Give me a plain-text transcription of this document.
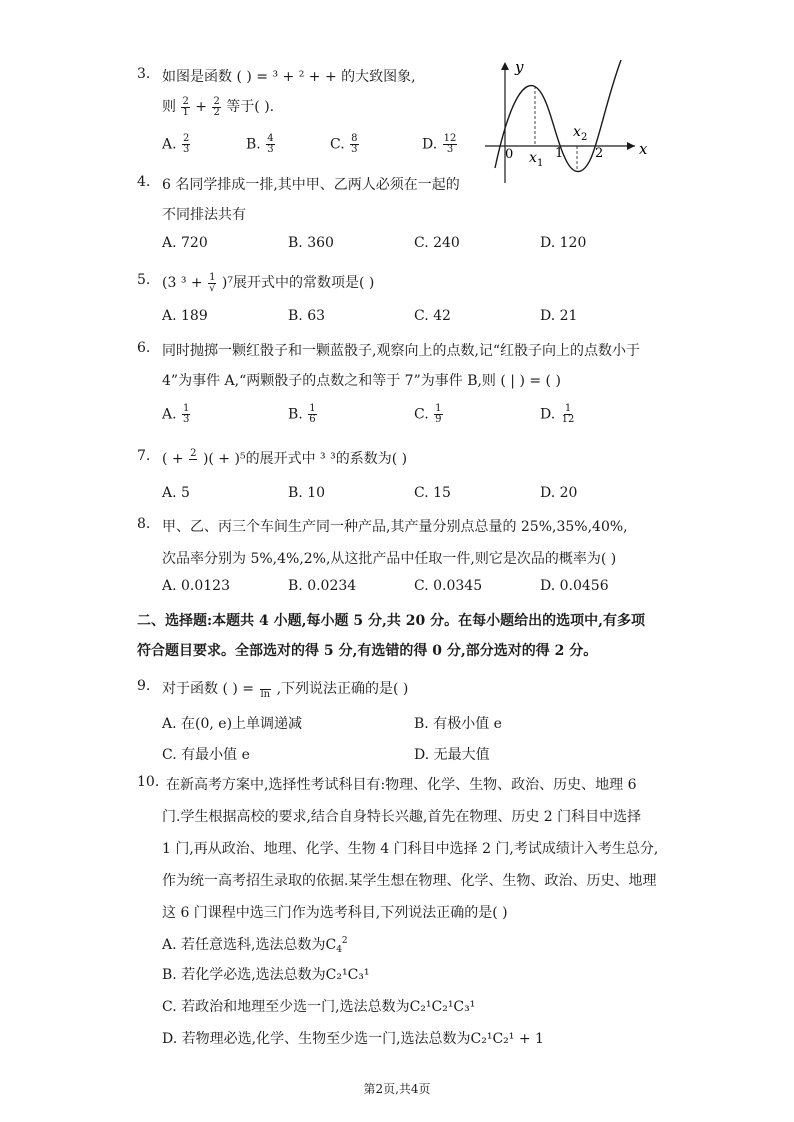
3. 如图是函数 ( ) = ³ + ² + + 的大致图象,
则 $\frac{2}{1} + \frac{2}{2}$ 等于( ).
A. $\frac{2}{3}$	B. $\frac{4}{3}$	C. $\frac{8}{3}$	D. $\frac{12}{3}$
y
x
0 x 1
1
x 2
2
4. 6 名同学排成一排,其中甲、乙两人必须在一起的
不同排法共有
A. 720	B. 360	C. 240	D. 120
5. (3 $^3 + \frac{1}{√} )^7$展开式中的常数项是( )
A. 189	B. 63	C. 42	D. 21
6. 同时抛掷一颗红骰子和一颗蓝骰子,观察向上的点数,记“红骰子向上的点数小于
4”为事件 A,“两颗骰子的点数之和等于 7”为事件 B,则 ( | ) = ( )
A. $\frac{1}{3}$	B. $\frac{1}{6}$	C. $\frac{1}{9}$	D. $\frac{1}{12}$
7. ( + 2
)( + )⁵的展开式中 ³ ³的系数为( )
A. 5	B. 10	C. 15	D. 20
8. 甲、乙、丙三个车间生产同一种产品,其产量分别点总量的 25%,35%,40%,
次品率分别为 5%,4%,2%,从这批产品中任取一件,则它是次品的概率为( )
A. 0.0123	B. 0.0234	C. 0.0345	D. 0.0456
二、选择题:本题共 4 小题,每小题 5 分,共 20 分。在每小题给出的选项中,有多项
符合题目要求。全部选对的得 5 分,有选错的得 0 分,部分选对的得 2 分。
9. 对于函数 ( ) =
ln ,下列说法正确的是( )
A. 在(0, e)上单调递减	B. 有极小值 e
C. 有最小值 e	D. 无最大值
10. 在新高考方案中,选择性考试科目有:物理、化学、生物、政治、历史、地理 6
门.学生根据高校的要求,结合自身特长兴趣,首先在物理、历史 2 门科目中选择
1 门,再从政治、地理、化学、生物 4 门科目中选择 2 门,考试成绩计入考生总分,
作为统一高考招生录取的依据.某学生想在物理、化学、生物、政治、历史、地理
这 6 门课程中选三门作为选考科目,下列说法正确的是( )
A. 若任意选科,选法总数为$C_4^2$
B. 若化学必选,选法总数为C₂¹C₃¹
C. 若政治和地理至少选一门,选法总数为C₂¹C₂¹C₃¹
D. 若物理必选,化学、生物至少选一门,选法总数为C₂¹C₂¹ + 1
第2页,共4页
